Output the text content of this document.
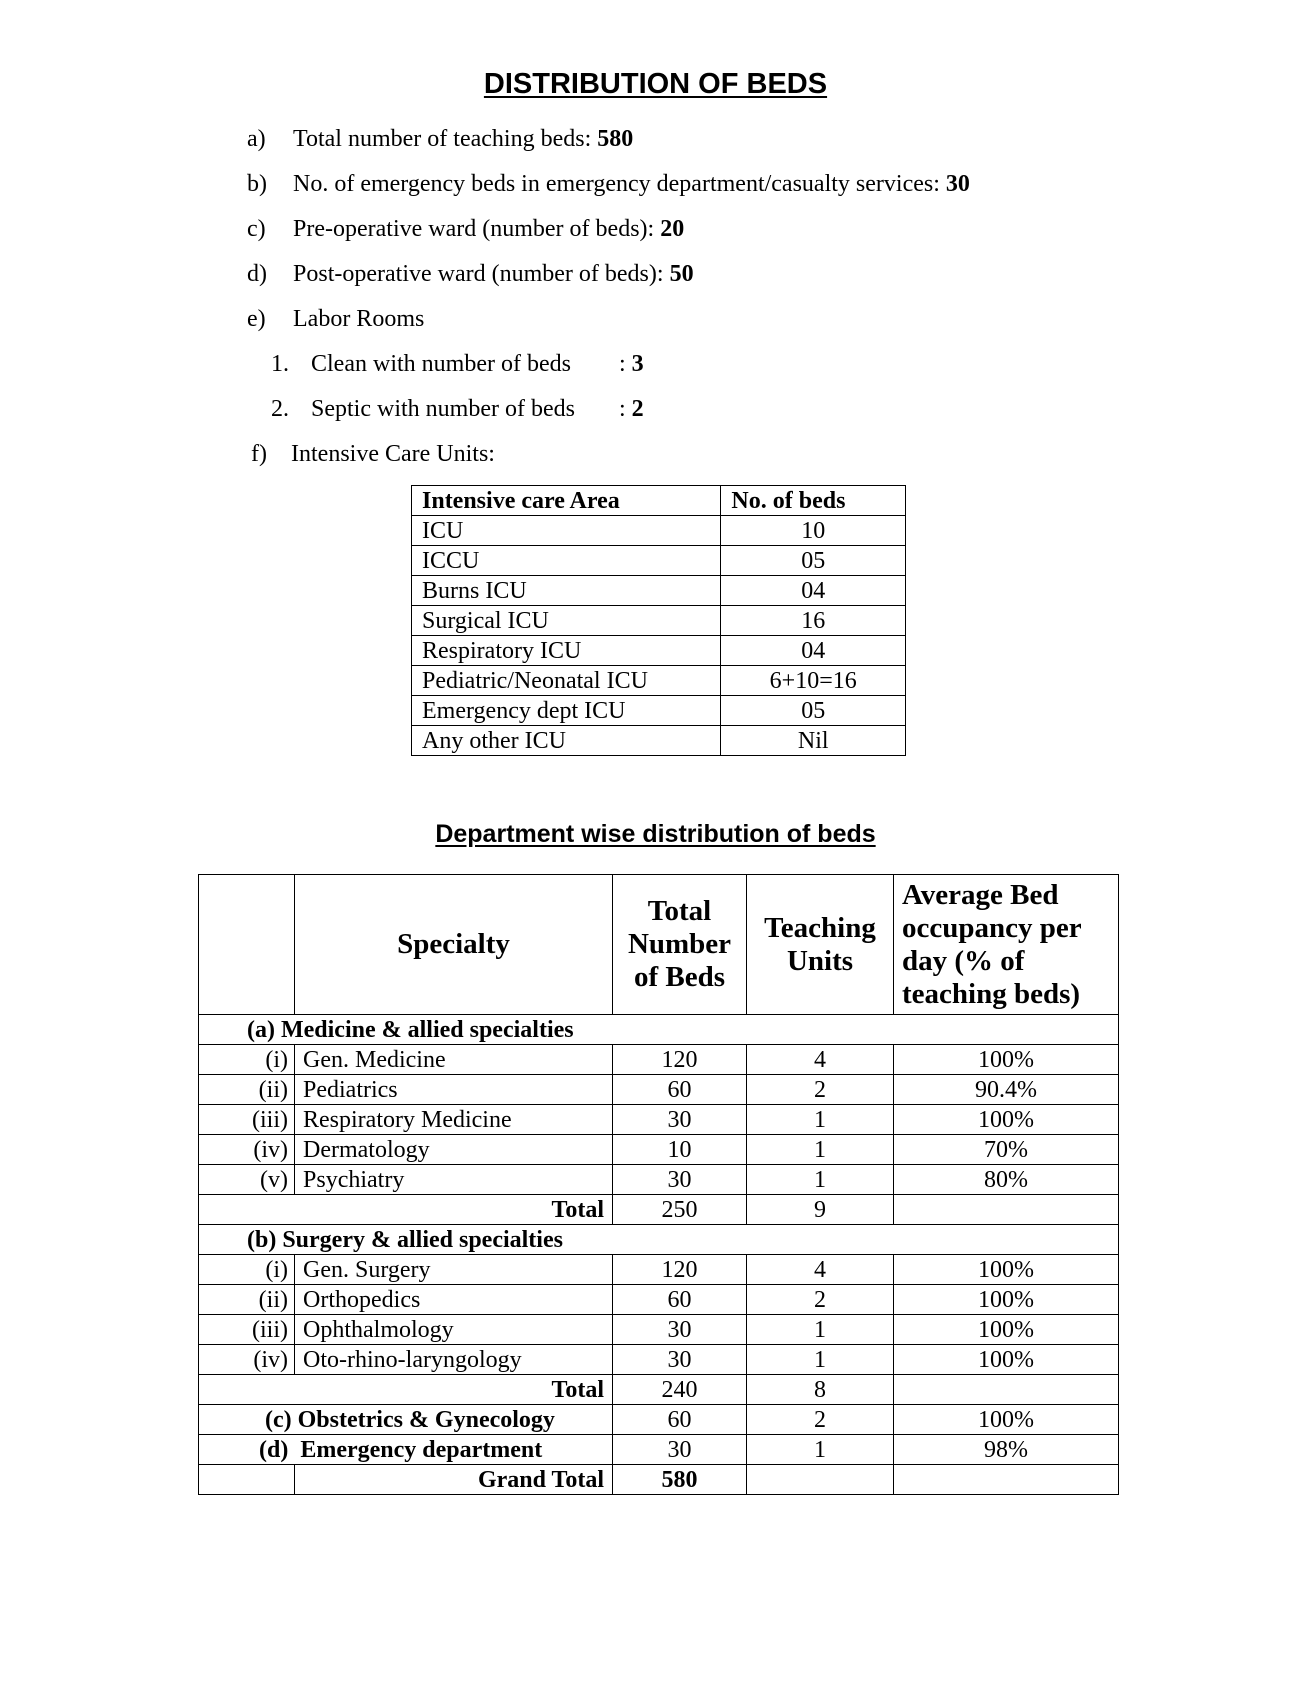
DISTRIBUTION OF BEDS
a) Total number of teaching beds: 580
b) No. of emergency beds in emergency department/casualty services: 30
c) Pre-operative ward (number of beds): 20
d) Post-operative ward (number of beds): 50
e) Labor Rooms
1. Clean with number of beds : 3
2. Septic with number of beds : 2
f) Intensive Care Units:
Intensive care Area	No. of beds
ICU	10
ICCU	05
Burns ICU	04
Surgical ICU	16
Respiratory ICU	04
Pediatric/Neonatal ICU	6+10=16
Emergency dept ICU	05
Any other ICU	Nil
Department wise distribution of beds
	Specialty	Total Number of Beds	Teaching Units	Average Bed occupancy per day (% of teaching beds)
(a) Medicine & allied specialties				
(i)	Gen. Medicine	120	4	100%
(ii)	Pediatrics	60	2	90.4%
(iii)	Respiratory Medicine	30	1	100%
(iv)	Dermatology	10	1	70%
(v)	Psychiatry	30	1	80%
Total		250	9	
(b) Surgery & allied specialties				
(i)	Gen. Surgery	120	4	100%
(ii)	Orthopedics	60	2	100%
(iii)	Ophthalmology	30	1	100%
(iv)	Oto-rhino-laryngology	30	1	100%
Total		240	8	
(c) Obstetrics & Gynecology		60	2	100%
(d)  Emergency department		30	1	98%
	Grand Total	580		
